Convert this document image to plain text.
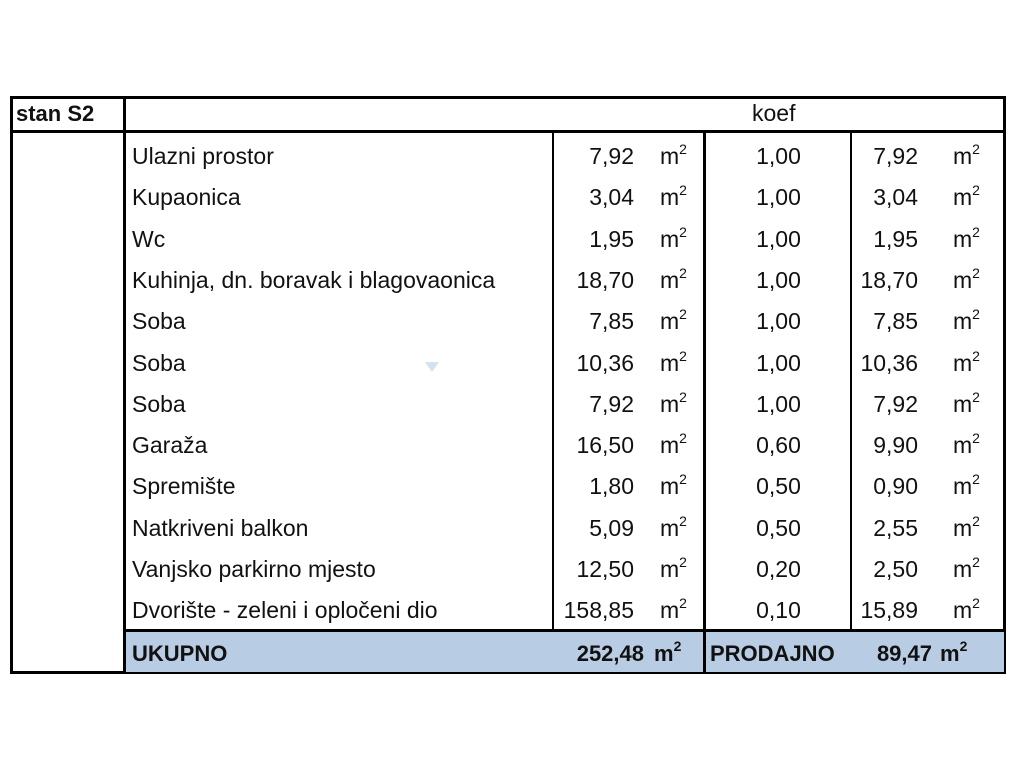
stan S2	koef
Ulazni prostor	7,92 $m^2$	1,00	7,92 $m^2$
Kupaonica	3,04 $m^2$	1,00	3,04 $m^2$
Wc	1,95 $m^2$	1,00	1,95 $m^2$
Kuhinja, dn. boravak i blagovaonica	18,70 $m^2$	1,00	18,70 $m^2$
Soba	7,85 $m^2$	1,00	7,85 $m^2$
Soba	10,36 $m^2$	1,00	10,36 $m^2$
Soba	7,92 $m^2$	1,00	7,92 $m^2$
Garaža	16,50 $m^2$	0,60	9,90 $m^2$
Spremište	1,80 $m^2$	0,50	0,90 $m^2$
Natkriveni balkon	5,09 $m^2$	0,50	2,55 $m^2$
Vanjsko parkirno mjesto	12,50 $m^2$	0,20	2,50 $m^2$
Dvorište - zeleni i opločeni dio	158,85 $m^2$	0,10	15,89 $m^2$
UKUPNO	252,48 $m^2$ PRODAJNO	89,47 $m^2$
